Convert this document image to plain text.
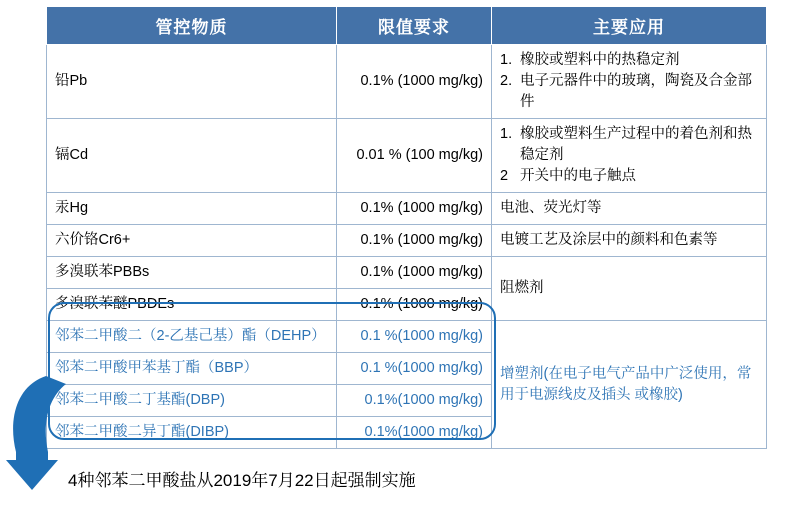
管控物质	限值要求	主要应用
铅Pb	0.1% (1000 mg/kg)	
1. 橡胶或塑料中的热稳定剂
2. 电子元器件中的玻璃，陶瓷及合金部件

镉Cd	0.01 % (100 mg/kg)	
1. 橡胶或塑料生产过程中的着色剂和热稳定剂
2 开关中的电子触点

汞Hg	0.1% (1000 mg/kg)	电池、荧光灯等
六价铬Cr6+	0.1% (1000 mg/kg)	电镀工艺及涂层中的颜料和色素等
多溴联苯PBBs	0.1% (1000 mg/kg)	阻燃剂
多溴联苯醚PBDEs	0.1% (1000 mg/kg)	
邻苯二甲酸二（2-乙基己基）酯（DEHP）	0.1 %(1000 mg/kg)	增塑剂(在电子电气产品中广泛使用，常用于电源线皮及插头 或橡胶)
邻苯二甲酸甲苯基丁酯（BBP）	0.1 %(1000 mg/kg)	
邻苯二甲酸二丁基酯(DBP)	0.1%(1000 mg/kg)	
邻苯二甲酸二异丁酯(DIBP)	0.1%(1000 mg/kg)	
4种邻苯二甲酸盐从2019年7月22日起强制实施
